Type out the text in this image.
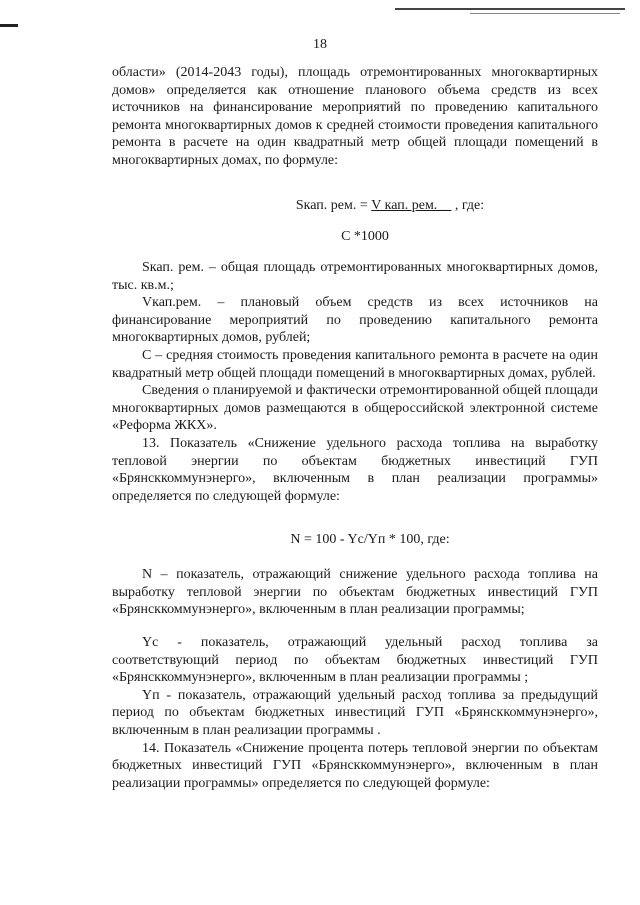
18

области» (2014-2043 годы), площадь отремонтированных многоквартирных домов» определяется как отношение планового объема средств из всех источников на финансирование мероприятий по проведению капитального ремонта многоквартирных домов к средней стоимости проведения капитального ремонта в расчете на один квадратный метр общей площади помещений в многоквартирных домах, по формуле:

Sкап. рем. = V кап. рем.__ , где:

С *1000

Sкап. рем. – общая площадь отремонтированных многоквартирных домов, тыс. кв.м.;

Vкап.рем. – плановый объем средств из всех источников на финансирование мероприятий по проведению капитального ремонта многоквартирных домов, рублей;

С – средняя стоимость проведения капитального ремонта в расчете на один квадратный метр общей площади помещений в многоквартирных домах, рублей.

Сведения о планируемой и фактически отремонтированной общей площади многоквартирных домов размещаются в общероссийской электронной системе «Реформа ЖКХ».

13. Показатель «Снижение удельного расхода топлива на выработку тепловой энергии по объектам бюджетных инвестиций ГУП «Брянсккоммунэнерго», включенным в план реализации программы» определяется по следующей формуле:

N = 100 - Yc/Yп * 100, где:

N – показатель, отражающий снижение удельного расхода топлива на выработку тепловой энергии по объектам бюджетных инвестиций ГУП «Брянсккоммунэнерго», включенным в план реализации программы;

Yc - показатель, отражающий удельный расход топлива за соответствующий период по объектам бюджетных инвестиций ГУП «Брянсккоммунэнерго», включенным в план реализации программы ;

Yп - показатель, отражающий удельный расход топлива за предыдущий период по объектам бюджетных инвестиций ГУП «Брянсккоммунэнерго», включенным в план реализации программы .

14. Показатель «Снижение процента потерь тепловой энергии по объектам бюджетных инвестиций ГУП «Брянсккоммунэнерго», включенным в план реализации программы» определяется по следующей формуле:
